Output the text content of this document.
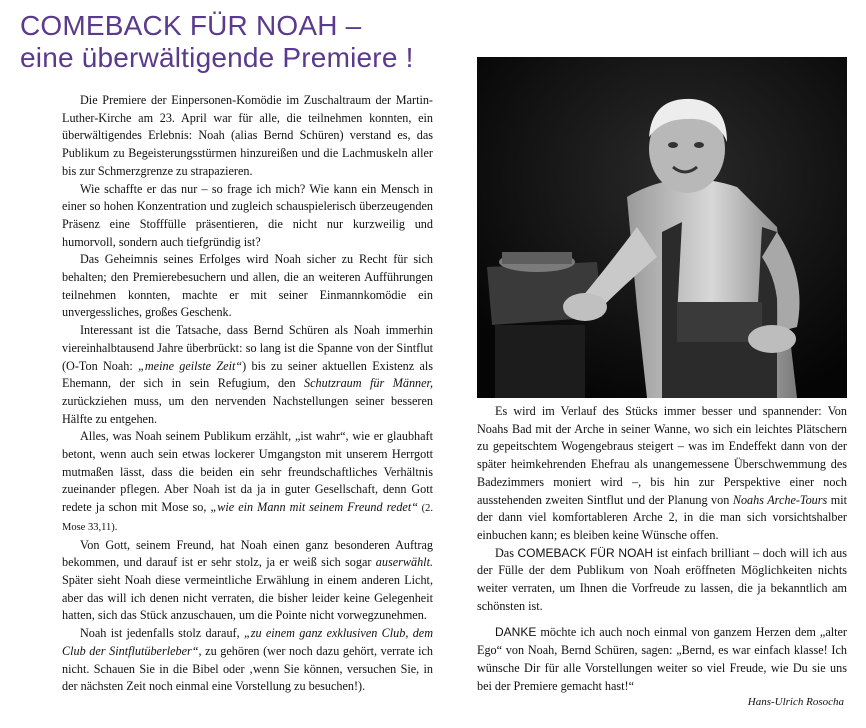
COMEBACK FÜR NOAH –
eine überwältigende Premiere !

Die Premiere der Einpersonen-Komödie im Zuschaltraum der Martin-Luther-Kirche am 23. April war für alle, die teilnehmen konnten, ein überwältigendes Erlebnis: Noah (alias Bernd Schüren) verstand es, das Publikum zu Begeisterungsstürmen hinzureißen und die Lachmuskeln aller bis zur Schmerzgrenze zu strapazieren.

Wie schaffte er das nur – so frage ich mich? Wie kann ein Mensch in einer so hohen Konzentration und zugleich schauspielerisch überzeugenden Präsenz eine Stofffülle präsentieren, die nicht nur kurzweilig und humorvoll, sondern auch tiefgründig ist?

Das Geheimnis seines Erfolges wird Noah sicher zu Recht für sich behalten; den Premierebesuchern und allen, die an weiteren Aufführungen teilnehmen konnten, machte er mit seiner Einmannkomödie ein unvergessliches, großes Geschenk.

Interessant ist die Tatsache, dass Bernd Schüren als Noah immerhin viereinhalbtausend Jahre überbrückt: so lang ist die Spanne von der Sintflut (O-Ton Noah: „meine geilste Zeit“) bis zu seiner aktuellen Existenz als Ehemann, der sich in sein Refugium, den Schutzraum für Männer, zurückziehen muss, um den nervenden Nachstellungen seiner besseren Hälfte zu entgehen.

Alles, was Noah seinem Publikum erzählt, „ist wahr“, wie er glaubhaft betont, wenn auch sein etwas lockerer Umgangston mit unserem Herrgott mutmaßen lässt, dass die beiden ein sehr freundschaftliches Verhältnis zueinander pflegen. Aber Noah ist da ja in guter Gesellschaft, denn Gott redete ja schon mit Mose so, „wie ein Mann mit seinem Freund redet“ (2. Mose 33,11).

Von Gott, seinem Freund, hat Noah einen ganz besonderen Auftrag bekommen, und darauf ist er sehr stolz, ja er weiß sich sogar auserwählt. Später sieht Noah diese vermeintliche Erwählung in einem anderen Licht, aber das will ich denen nicht verraten, die bisher leider keine Gelegenheit hatten, sich das Stück anzuschauen, um die Pointe nicht vorwegzunehmen.

Noah ist jedenfalls stolz darauf, „zu einem ganz exklusiven Club, dem Club der Sintflutüberleber“, zu gehören (wer noch dazu gehört, verrate ich nicht. Schauen Sie in die Bibel oder ‚wenn Sie können, versuchen Sie, in der nächsten Zeit noch einmal eine Vorstellung zu besuchen!).

Es wird im Verlauf des Stücks immer besser und spannender: Von Noahs Bad mit der Arche in seiner Wanne, wo sich ein leichtes Plätschern zu gepeitschtem Wogengebraus steigert – was im Endeffekt dann von der später heimkehrenden Ehefrau als unangemessene Überschwemmung des Badezimmers moniert wird –, bis hin zur Perspektive einer noch ausstehenden zweiten Sintflut und der Planung von Noahs Arche-Tours mit der dann viel komfortableren Arche 2, in die man sich vorsichtshalber einbuchen kann; es bleiben keine Wünsche offen.

Das COMEBACK FÜR NOAH ist einfach brilliant – doch will ich aus der Fülle der dem Publikum von Noah eröffneten Möglichkeiten nichts weiter verraten, um Ihnen die Vorfreude zu lassen, die ja bekanntlich am schönsten ist.

DANKE möchte ich auch noch einmal von ganzem Herzen dem „alter Ego“ von Noah, Bernd Schüren, sagen: „Bernd, es war einfach klasse! Ich wünsche Dir für alle Vorstellungen weiter so viel Freude, wie Du sie uns bei der Premiere gemacht hast!“

Hans-Ulrich Rosocha
